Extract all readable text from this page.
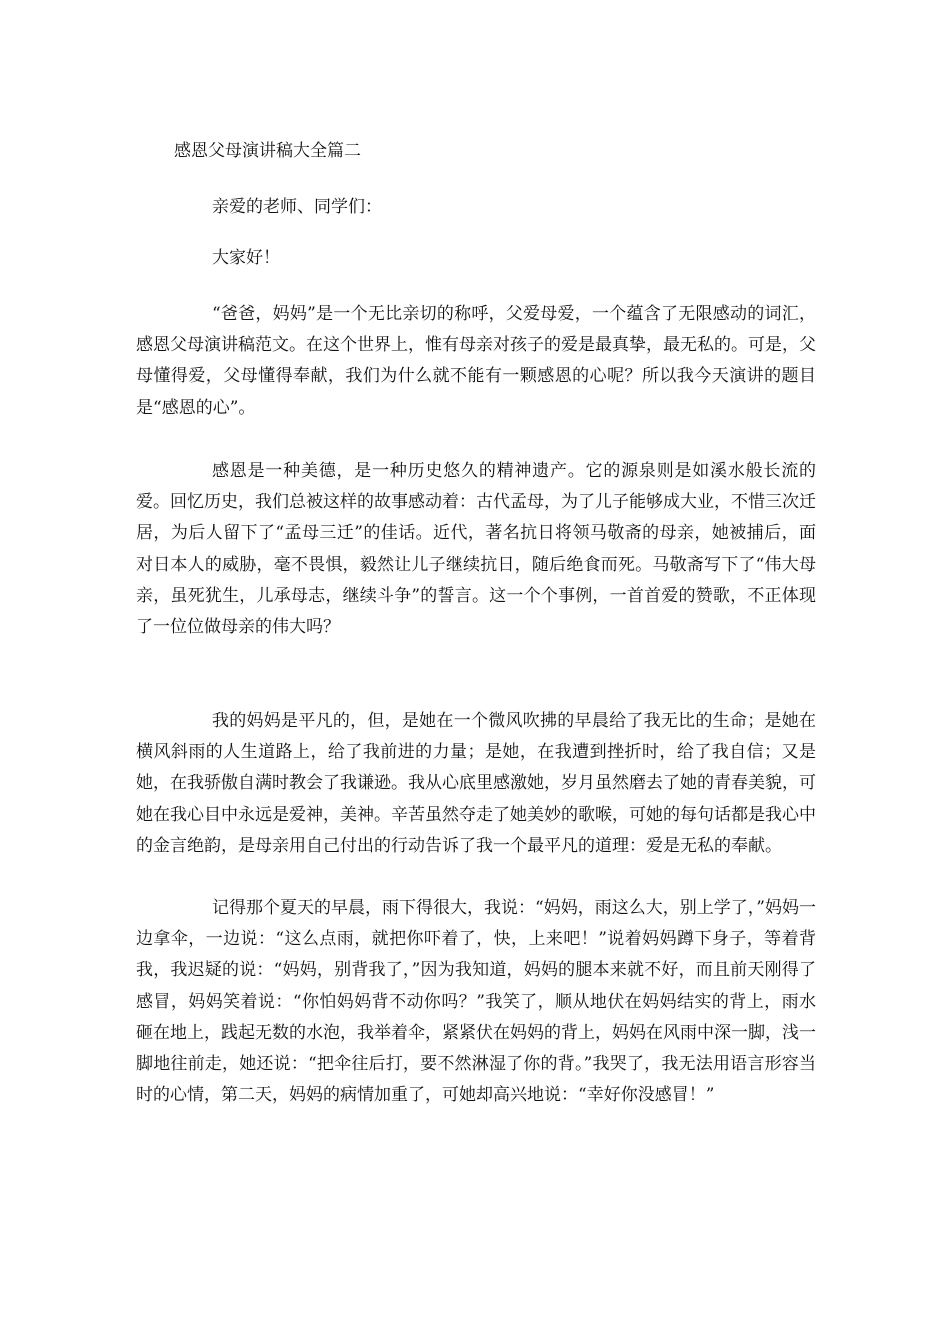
感恩父母演讲稿大全篇二
亲爱的老师、同学们：
大家好！

“爸爸，妈妈”是一个无比亲切的称呼，父爱母爱，一个蕴含了无限感动的词汇，感恩父母演讲稿范文。在这个世界上，惟有母亲对孩子的爱是最真挚，最无私的。可是，父母懂得爱，父母懂得奉献，我们为什么就不能有一颗感恩的心呢？所以我今天演讲的题目是“感恩的心”。

感恩是一种美德，是一种历史悠久的精神遗产。它的源泉则是如溪水般长流的爱。回忆历史，我们总被这样的故事感动着：古代孟母，为了儿子能够成大业，不惜三次迁居，为后人留下了“孟母三迁”的佳话。近代，著名抗日将领马敬斋的母亲，她被捕后，面对日本人的威胁，毫不畏惧，毅然让儿子继续抗日，随后绝食而死。马敬斋写下了“伟大母亲，虽死犹生，儿承母志，继续斗争”的誓言。这一个个事例，一首首爱的赞歌，不正体现了一位位做母亲的伟大吗？

我的妈妈是平凡的，但，是她在一个微风吹拂的早晨给了我无比的生命；是她在横风斜雨的人生道路上，给了我前进的力量；是她，在我遭到挫折时，给了我自信；又是她，在我骄傲自满时教会了我谦逊。我从心底里感激她，岁月虽然磨去了她的青春美貌，可她在我心目中永远是爱神，美神。辛苦虽然夺走了她美妙的歌喉，可她的每句话都是我心中的金言绝韵，是母亲用自己付出的行动告诉了我一个最平凡的道理：爱是无私的奉献。

记得那个夏天的早晨，雨下得很大，我说：“妈妈，雨这么大，别上学了，”妈妈一边拿伞，一边说：“这么点雨，就把你吓着了，快，上来吧！”说着妈妈蹲下身子，等着背我，我迟疑的说：“妈妈，别背我了，”因为我知道，妈妈的腿本来就不好，而且前天刚得了感冒，妈妈笑着说：“你怕妈妈背不动你吗？”我笑了，顺从地伏在妈妈结实的背上，雨水砸在地上，践起无数的水泡，我举着伞，紧紧伏在妈妈的背上，妈妈在风雨中深一脚，浅一脚地往前走，她还说：“把伞往后打，要不然淋湿了你的背。”我哭了，我无法用语言形容当时的心情，第二天，妈妈的病情加重了，可她却高兴地说：“幸好你没感冒！”
